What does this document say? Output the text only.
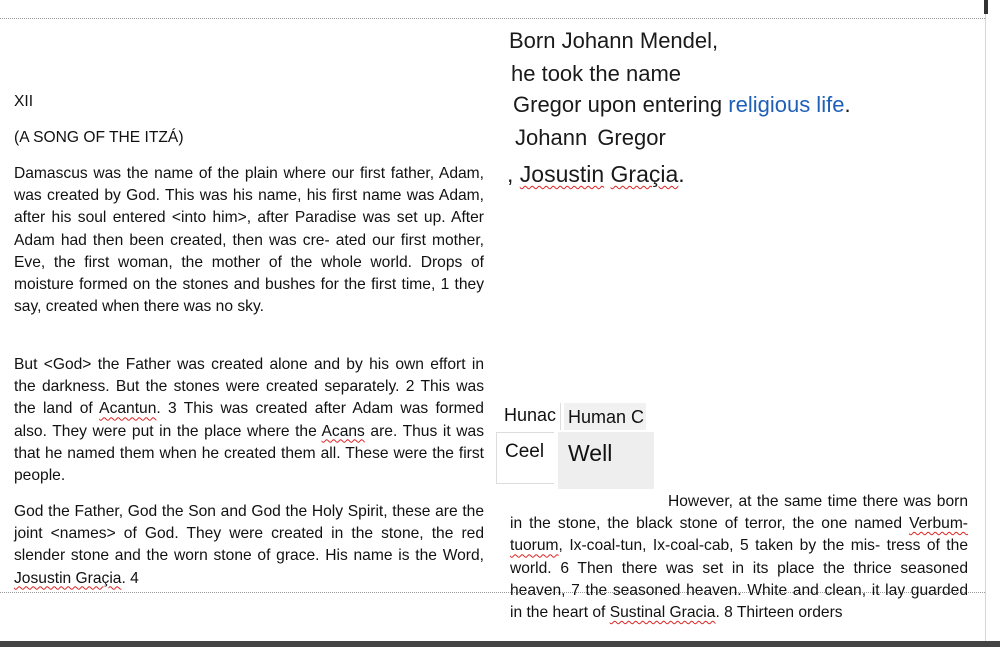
XII
(A SONG OF THE ITZÁ)

Damascus was the name of the plain where our first father, Adam, was created by God. This was his name, his first name was Adam, after his soul entered <into him>, after Paradise was set up. After Adam had then been created, then was cre- ated our first mother, Eve, the first woman, the mother of the whole world. Drops of moisture formed on the stones and bushes for the first time, 1 they say, created when there was no sky.

But <God> the Father was created alone and by his own effort in the darkness. But the stones were created separately. 2 This was the land of Acantun. 3 This was created after Adam was formed also. They were put in the place where the Acans are. Thus it was that he named them when he created them all. These were the first people.

God the Father, God the Son and God the Holy Spirit, these are the joint <names> of God. They were created in the stone, the red slender stone and the worn stone of grace. His name is the Word, Josustin Graçia. 4

Born Johann Mendel,
he took the name
Gregor upon entering religious life.
Johann Gregor
, Josustin Graçia.
Hunac Human C
Ceel Well
However, at the same time there was born in the stone, the black stone of terror, the one named Verbum-tuorum, Ix-coal-tun, Ix-coal-cab, 5 taken by the mis- tress of the world. 6 Then there was set in its place the thrice seasoned heaven, 7 the seasoned heaven. White and clean, it lay guarded in the heart of Sustinal Gracia. 8 Thirteen orders
